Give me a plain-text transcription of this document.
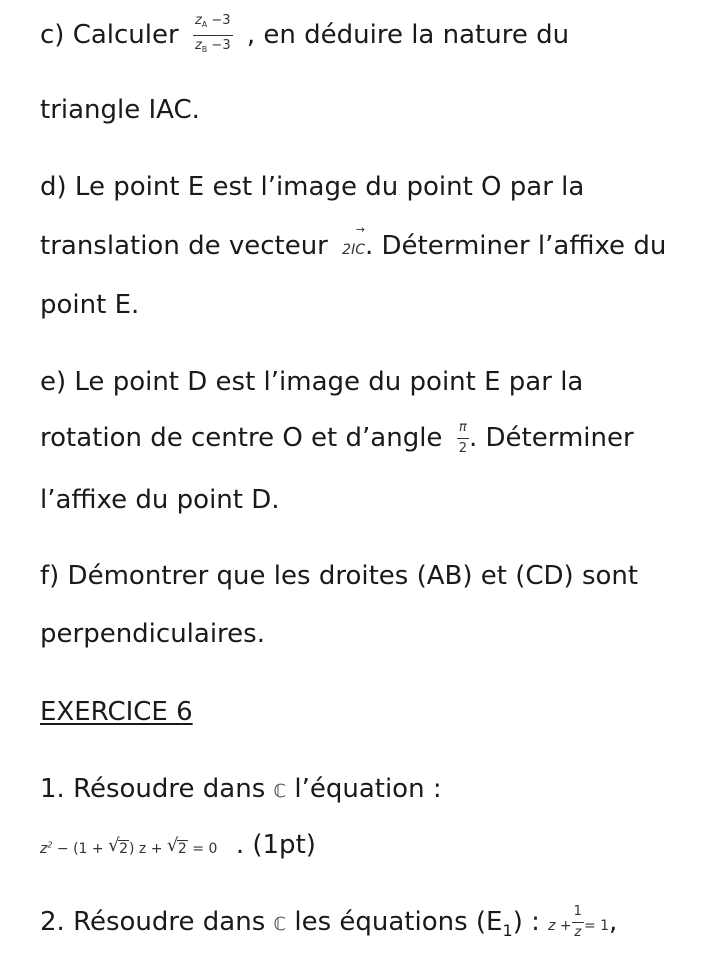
c) Calculer $\frac{z_A -3}{z_B -3}$ , en déduire la nature du
triangle IAC.
d) Le point E est l’image du point O par la
translation de vecteur 2
→
IC. Déterminer l’affixe du
point E.
e) Le point D est l’image du point E par la
rotation de centre O et d’angle $\frac{\pi}{2}$ . Déterminer
l’affixe du point D.
f) Démontrer que les droites (AB) et (CD) sont
perpendiculaires.
EXERCICE 6
1. Résoudre dans ℂ l’équation :
$z^2 - (1$ + √ 2) z + √ 2 = 0 . (1pt)
2. Résoudre dans ℂ les équations $(E_1)$ : $z + \frac{1}{z} = 1$,
